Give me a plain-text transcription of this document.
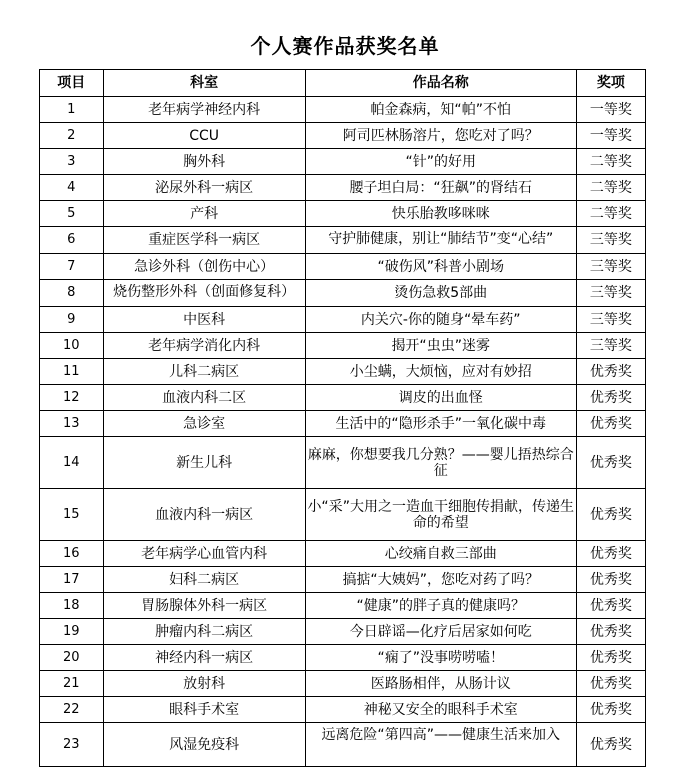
个人赛作品获奖名单
项目	科室	作品名称	奖项
1	老年病学神经内科	帕金森病，知“帕”不怕	一等奖
2	CCU	阿司匹林肠溶片，您吃对了吗？	一等奖
3	胸外科	“针”的好用	二等奖
4	泌尿外科一病区	腰子坦白局：“狂飙”的肾结石	二等奖
5	产科	快乐胎教哆咪咪	二等奖
6	重症医学科一病区	守护肺健康，别让“肺结节”变“心结”	三等奖
7	急诊外科（创伤中心）	“破伤风”科普小剧场	三等奖
8	烧伤整形外科（创面修复科）	烫伤急救5部曲	三等奖
9	中医科	内关穴-你的随身“晕车药”	三等奖
10	老年病学消化内科	揭开“虫虫”迷雾	三等奖
11	儿科二病区	小尘螨，大烦恼，应对有妙招	优秀奖
12	血液内科二区	调皮的出血怪	优秀奖
13	急诊室	生活中的“隐形杀手”一氧化碳中毒	优秀奖
14	新生儿科	麻麻，你想要我几分熟？——婴儿捂热综合征	优秀奖
15	血液内科一病区	小“采”大用之一造血干细胞传捐献，传递生命的希望	优秀奖
16	老年病学心血管内科	心绞痛自救三部曲	优秀奖
17	妇科二病区	搞掂“大姨妈”，您吃对药了吗？	优秀奖
18	胃肠腺体外科一病区	“健康”的胖子真的健康吗？	优秀奖
19	肿瘤内科二病区	今日辟谣—化疗后居家如何吃	优秀奖
20	神经内科一病区	“痫了”没事唠唠嗑！	优秀奖
21	放射科	医路肠相伴，从肠计议	优秀奖
22	眼科手术室	神秘又安全的眼科手术室	优秀奖
23	风湿免疫科	远离危险“第四高”——健康生活来加入	优秀奖
